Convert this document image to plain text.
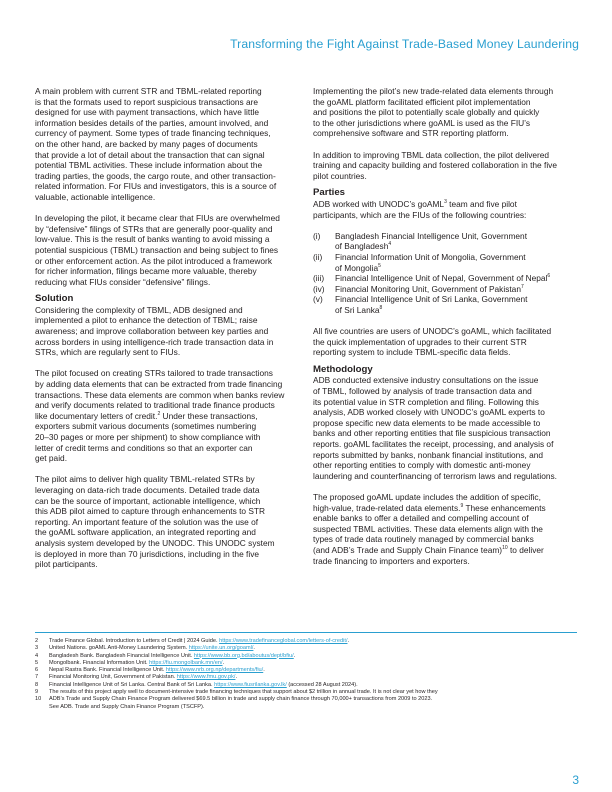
Transforming the Fight Against Trade-Based Money Laundering

A main problem with current STR and TBML-related reporting
is that the formats used to report suspicious transactions are
designed for use with payment transactions, which have little
information besides details of the parties, amount involved, and
currency of payment. Some types of trade financing techniques,
on the other hand, are backed by many pages of documents
that provide a lot of detail about the transaction that can signal
potential TBML activities. These include information about the
trading parties, the goods, the cargo route, and other transaction-
related information. For FIUs and investigators, this is a source of
valuable, actionable intelligence.

In developing the pilot, it became clear that FIUs are overwhelmed
by “defensive” filings of STRs that are generally poor-quality and
low-value. This is the result of banks wanting to avoid missing a
potential suspicious (TBML) transaction and being subject to fines
or other enforcement action. As the pilot introduced a framework
for richer information, filings became more valuable, thereby
reducing what FIUs consider “defensive” filings.

Solution

Considering the complexity of TBML, ADB designed and
implemented a pilot to enhance the detection of TBML; raise
awareness; and improve collaboration between key parties and
across borders in using intelligence-rich trade transaction data in
STRs, which are regularly sent to FIUs.

The pilot focused on creating STRs tailored to trade transactions
by adding data elements that can be extracted from trade financing
transactions. These data elements are common when banks review
and verify documents related to traditional trade finance products
like documentary letters of credit.$^2$ Under these transactions,
exporters submit various documents (sometimes numbering
20–30 pages or more per shipment) to show compliance with
letter of credit terms and conditions so that an exporter can
get paid.

The pilot aims to deliver high quality TBML-related STRs by
leveraging on data-rich trade documents. Detailed trade data
can be the source of important, actionable intelligence, which
this ADB pilot aimed to capture through enhancements to STR
reporting. An important feature of the solution was the use of
the goAML software application, an integrated reporting and
analysis system developed by the UNODC. This UNODC system
is deployed in more than 70 jurisdictions, including in the five
pilot participants.

Implementing the pilot’s new trade-related data elements through
the goAML platform facilitated efficient pilot implementation
and positions the pilot to potentially scale globally and quickly
to the other jurisdictions where goAML is used as the FIU’s
comprehensive software and STR reporting platform.

In addition to improving TBML data collection, the pilot delivered
training and capacity building and fostered collaboration in the five
pilot countries.

Parties

ADB worked with UNODC’s goAML$^3$ team and five pilot
participants, which are the FIUs of the following countries:

(i)	Bangladesh Financial Intelligence Unit, Government
of Bangladesh$^4$
(ii)	Financial Information Unit of Mongolia, Government
of Mongolia$^5$
(iii)	Financial Intelligence Unit of Nepal, Government of Nepal$^6$
(iv)	Financial Monitoring Unit, Government of Pakistan$^7$
(v)	Financial Intelligence Unit of Sri Lanka, Government
of Sri Lanka$^8$

All five countries are users of UNODC’s goAML, which facilitated
the quick implementation of upgrades to their current STR
reporting system to include TBML-specific data fields.

Methodology

ADB conducted extensive industry consultations on the issue
of TBML, followed by analysis of trade transaction data and
its potential value in STR completion and filing. Following this
analysis, ADB worked closely with UNODC’s goAML experts to
propose specific new data elements to be made accessible to
banks and other reporting entities that file suspicious transaction
reports. goAML facilitates the receipt, processing, and analysis of
reports submitted by banks, nonbank financial institutions, and
other reporting entities to comply with domestic anti-money
laundering and counterfinancing of terrorism laws and regulations.

The proposed goAML update includes the addition of specific,
high-value, trade-related data elements.$^9$ These enhancements
enable banks to offer a detailed and compelling account of
suspected TBML activities. These data elements align with the
types of trade data routinely managed by commercial banks
(and ADB’s Trade and Supply Chain Finance team)$^{10}$ to deliver
trade financing to importers and exporters.

2	Trade Finance Global. Introduction to Letters of Credit | 2024 Guide. https://www.tradefinanceglobal.com/letters-of-credit/.
3	United Nations. goAML Anti-Money Laundering System. https://unite.un.org/goaml/.
4	Bangladesh Bank. Bangladesh Financial Intelligence Unit. https://www.bb.org.bd/aboutus/dept/bfiu/.
5	Mongolbank. Financial Information Unit. https://fiu.mongolbank.mn/en/.
6	Nepal Rastra Bank. Financial Intelligence Unit. https://www.nrb.org.np/departments/fiu/.
7	Financial Monitoring Unit, Government of Pakistan. https://www.fmu.gov.pk/.
8	Financial Intelligence Unit of Sri Lanka. Central Bank of Sri Lanka. https://www.fiusrilanka.gov.lk/ (accessed 28 August 2024).
9	The results of this project apply well to document-intensive trade financing techniques that support about $2 trillion in annual trade. It is not clear yet how they
10	ADB’s Trade and Supply Chain Finance Program delivered $69.5 billion in trade and supply chain finance through 70,000+ transactions from 2009 to 2023.
See ADB. Trade and Supply Chain Finance Program (TSCFP).

3
